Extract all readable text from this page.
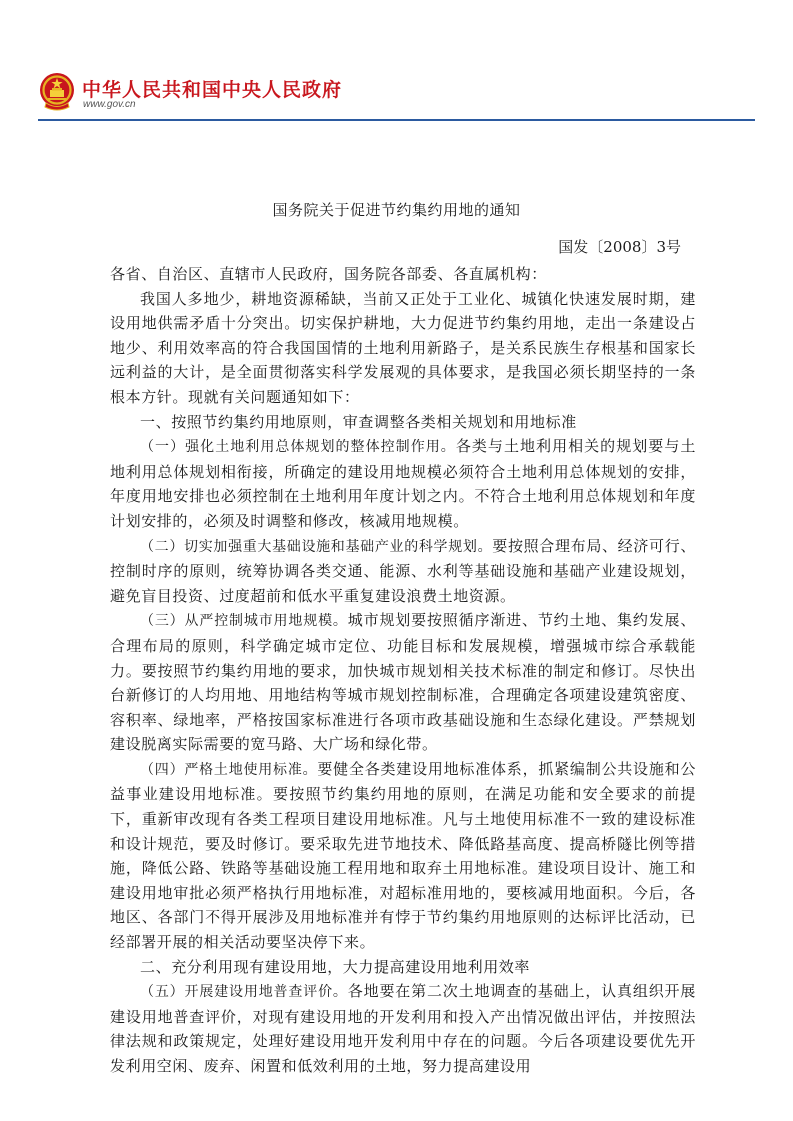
中华人民共和国中央人民政府
www.gov.cn
国务院关于促进节约集约用地的通知
国发〔2008〕3号

各省、自治区、直辖市人民政府，国务院各部委、各直属机构：

我国人多地少，耕地资源稀缺，当前又正处于工业化、城镇化快速发展时期，建设用地供需矛盾十分突出。切实保护耕地，大力促进节约集约用地，走出一条建设占地少、利用效率高的符合我国国情的土地利用新路子，是关系民族生存根基和国家长远利益的大计，是全面贯彻落实科学发展观的具体要求，是我国必须长期坚持的一条根本方针。现就有关问题通知如下：

一、按照节约集约用地原则，审查调整各类相关规划和用地标准

（一）强化土地利用总体规划的整体控制作用。各类与土地利用相关的规划要与土地利用总体规划相衔接，所确定的建设用地规模必须符合土地利用总体规划的安排，年度用地安排也必须控制在土地利用年度计划之内。不符合土地利用总体规划和年度计划安排的，必须及时调整和修改，核减用地规模。

（二）切实加强重大基础设施和基础产业的科学规划。要按照合理布局、经济可行、控制时序的原则，统筹协调各类交通、能源、水利等基础设施和基础产业建设规划，避免盲目投资、过度超前和低水平重复建设浪费土地资源。

（三）从严控制城市用地规模。城市规划要按照循序渐进、节约土地、集约发展、合理布局的原则，科学确定城市定位、功能目标和发展规模，增强城市综合承载能力。要按照节约集约用地的要求，加快城市规划相关技术标准的制定和修订。尽快出台新修订的人均用地、用地结构等城市规划控制标准，合理确定各项建设建筑密度、容积率、绿地率，严格按国家标准进行各项市政基础设施和生态绿化建设。严禁规划建设脱离实际需要的宽马路、大广场和绿化带。

（四）严格土地使用标准。要健全各类建设用地标准体系，抓紧编制公共设施和公益事业建设用地标准。要按照节约集约用地的原则，在满足功能和安全要求的前提下，重新审改现有各类工程项目建设用地标准。凡与土地使用标准不一致的建设标准和设计规范，要及时修订。要采取先进节地技术、降低路基高度、提高桥隧比例等措施，降低公路、铁路等基础设施工程用地和取弃土用地标准。建设项目设计、施工和建设用地审批必须严格执行用地标准，对超标准用地的，要核减用地面积。今后，各地区、各部门不得开展涉及用地标准并有悖于节约集约用地原则的达标评比活动，已经部署开展的相关活动要坚决停下来。

二、充分利用现有建设用地，大力提高建设用地利用效率

（五）开展建设用地普查评价。各地要在第二次土地调查的基础上，认真组织开展建设用地普查评价，对现有建设用地的开发利用和投入产出情况做出评估，并按照法律法规和政策规定，处理好建设用地开发利用中存在的问题。今后各项建设要优先开发利用空闲、废弃、闲置和低效利用的土地，努力提高建设用
